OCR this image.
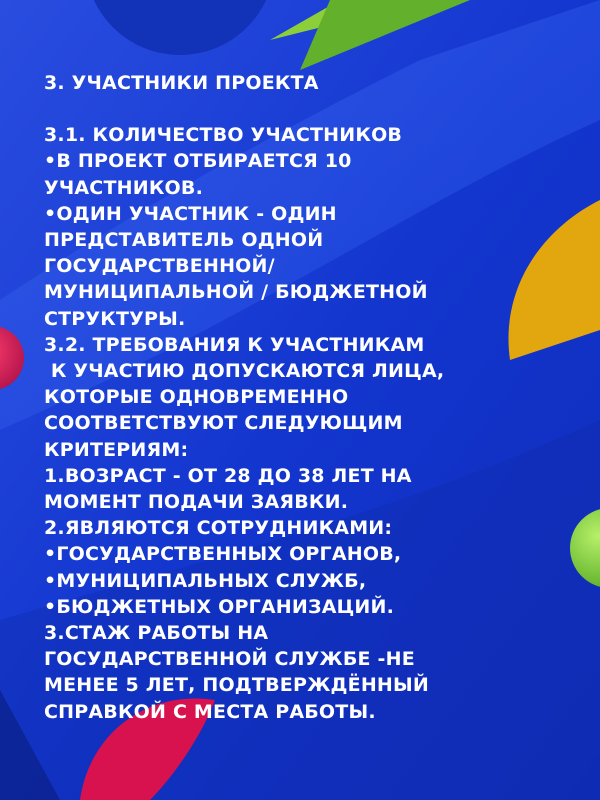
3. УЧАСТНИКИ ПРОЕКТА
3.1. КОЛИЧЕСТВО УЧАСТНИКОВ
•В ПРОЕКТ ОТБИРАЕТСЯ 10
УЧАСТНИКОВ.
•ОДИН УЧАСТНИК - ОДИН
ПРЕДСТАВИТЕЛЬ ОДНОЙ
ГОСУДАРСТВЕННОЙ/
МУНИЦИПАЛЬНОЙ / БЮДЖЕТНОЙ
СТРУКТУРЫ.
3.2. ТРЕБОВАНИЯ К УЧАСТНИКАМ
К УЧАСТИЮ ДОПУСКАЮТСЯ ЛИЦА,
КОТОРЫЕ ОДНОВРЕМЕННО
СООТВЕТСТВУЮТ СЛЕДУЮЩИМ
КРИТЕРИЯМ:
1.ВОЗРАСТ - ОТ 28 ДО 38 ЛЕТ НА
МОМЕНТ ПОДАЧИ ЗАЯВКИ.
2.ЯВЛЯЮТСЯ СОТРУДНИКАМИ:
•ГОСУДАРСТВЕННЫХ ОРГАНОВ,
•МУНИЦИПАЛЬНЫХ СЛУЖБ,
•БЮДЖЕТНЫХ ОРГАНИЗАЦИЙ.
3.СТАЖ РАБОТЫ НА
ГОСУДАРСТВЕННОЙ СЛУЖБЕ -НЕ
МЕНЕЕ 5 ЛЕТ, ПОДТВЕРЖДЁННЫЙ
СПРАВКОЙ С МЕСТА РАБОТЫ.
